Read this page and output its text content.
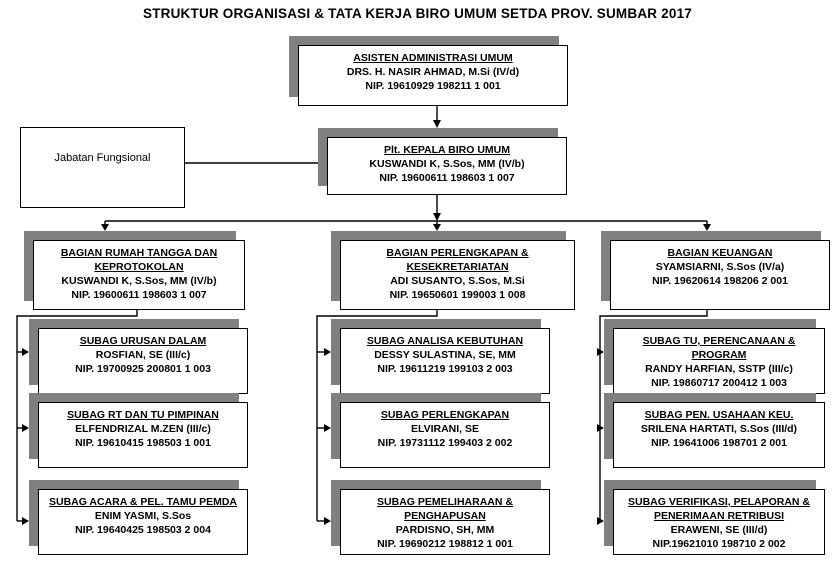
STRUKTUR ORGANISASI & TATA KERJA BIRO UMUM SETDA PROV. SUMBAR 2017
ASISTEN ADMINISTRASI UMUM
DRS. H. NASIR AHMAD, M.Si (IV/d)
NIP. 19610929 198211 1 001
Plt. KEPALA BIRO UMUM
KUSWANDI K, S.Sos, MM (IV/b)
NIP. 19600611 198603 1 007
Jabatan Fungsional
BAGIAN RUMAH TANGGA DAN KEPROTOKOLAN
KUSWANDI K, S.Sos, MM (IV/b)
NIP. 19600611 198603 1 007
BAGIAN PERLENGKAPAN & KESEKRETARIATAN
ADI SUSANTO, S.Sos, M.Si
NIP. 19650601 199003 1 008
BAGIAN KEUANGAN
SYAMSIARNI, S.Sos (IV/a)
NIP. 19620614 198206 2 001
SUBAG URUSAN DALAM
ROSFIAN, SE (III/c)
NIP. 19700925 200801 1 003
SUBAG RT DAN TU PIMPINAN
ELFENDRIZAL M.ZEN (III/c)
NIP. 19610415 198503 1 001
SUBAG ACARA & PEL. TAMU PEMDA
ENIM YASMI, S.Sos
NIP. 19640425 198503 2 004
SUBAG ANALISA KEBUTUHAN
DESSY SULASTINA, SE, MM
NIP. 19611219 199103 2 003
SUBAG PERLENGKAPAN
ELVIRANI, SE
NIP. 19731112 199403 2 002
SUBAG PEMELIHARAAN & PENGHAPUSAN
PARDISNO, SH, MM
NIP. 19690212 198812 1 001
SUBAG TU, PERENCANAAN & PROGRAM
RANDY HARFIAN, SSTP (III/c)
NIP. 19860717 200412 1 003
SUBAG PEN. USAHAAN KEU.
SRILENA HARTATI, S.Sos (III/d)
NIP. 19641006 198701 2 001
SUBAG VERIFIKASI, PELAPORAN & PENERIMAAN RETRIBUSI
ERAWENI, SE (III/d)
NIP.19621010 198710 2 002
